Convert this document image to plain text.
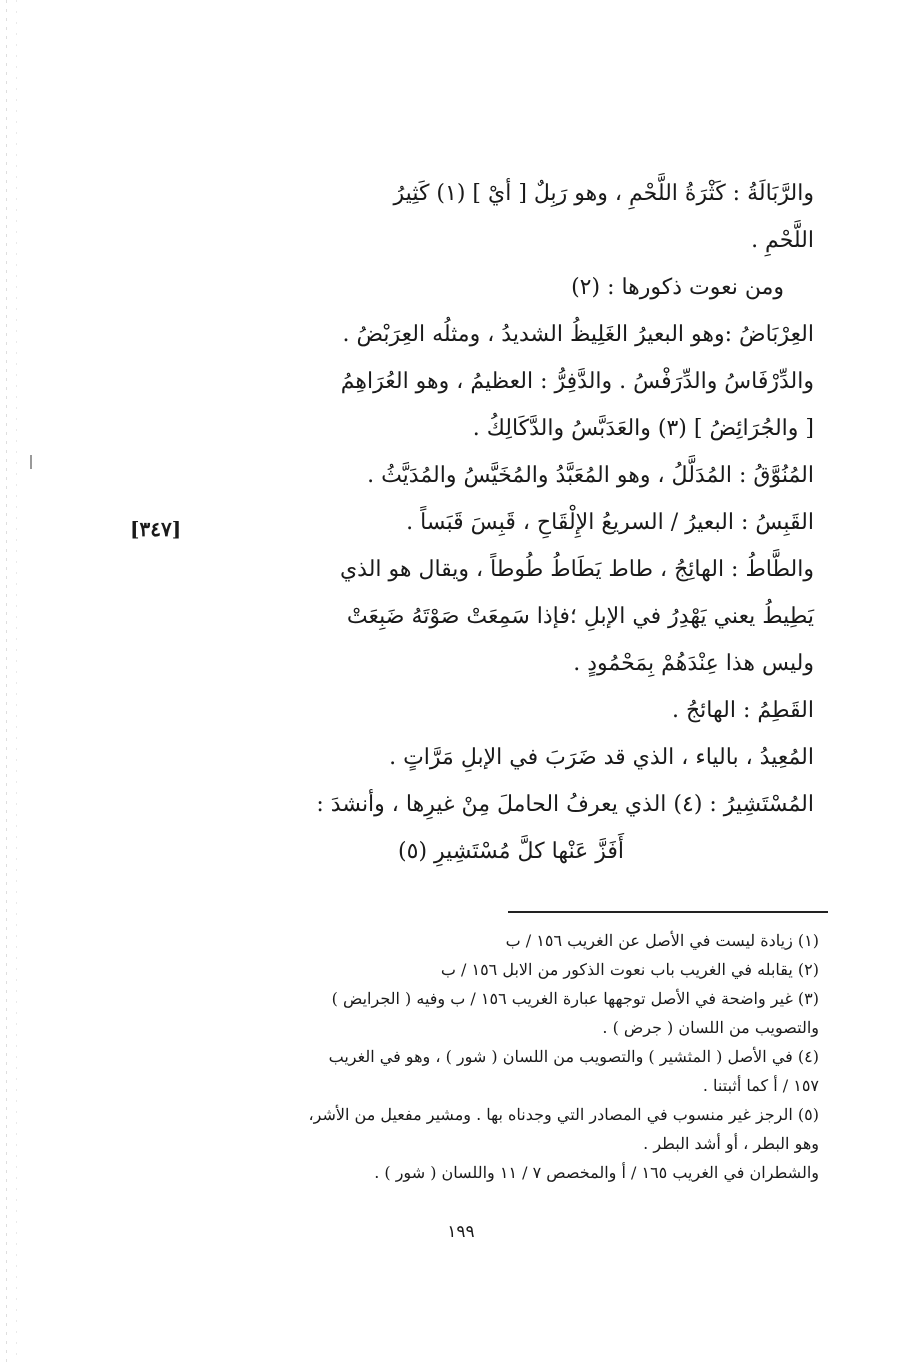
[٣٤٧]
والرَّبَالَةُ : كَثْرَةُ اللَّحْمِ ، وهو رَبِلٌ [ أيْ ] (١) كَثِيرُ
اللَّحْمِ .
ومن نعوت ذكورها : (٢)
العِرْبَاضُ :وهو البعيرُ الغَلِيظُ الشديدُ ، ومثلُه العِرَبْضُ .
والدِّرْفَاسُ والدِّرَفْسُ . والدَّفِرُّ : العظيمُ ، وهو العُرَاهِمُ
[ والجُرَائِضُ ] (٣) والعَدَبَّسُ والدَّكَالِكُ .
المُنُوَّقُ : المُدَلَّلُ ، وهو المُعَبَّدُ والمُخَيَّسُ والمُدَيَّثُ .
القَبِسُ : البعيرُ / السريعُ الإِلْقَاحِ ، قَبِسَ قَبَساً .
والطَّاطُ : الهائِجُ ، طاط يَطَاطُ طُوطاً ، ويقال هو الذي
يَطِيطُ يعني يَهْدِرُ في الإبلِ ؛فإذا سَمِعَتْ صَوْتَهُ ضَبِعَتْ
وليس هذا عِنْدَهُمْ بِمَحْمُودٍ .
القَطِمُ : الهائجُ .
المُعِيدُ ، بالياء ، الذي قد ضَرَبَ في الإبلِ مَرَّاتٍ .
المُسْتَشِيرُ : (٤) الذي يعرفُ الحاملَ مِنْ غيرِها ، وأنشدَ :
أَفَزَّ عَنْها كلَّ مُسْتَشِيرِ (٥)
(١) زيادة ليست في الأصل عن الغريب ١٥٦ / ب
(٢) يقابله في الغريب باب نعوت الذكور من الابل ١٥٦ / ب
(٣) غير واضحة في الأصل توجهها عبارة الغريب ١٥٦ / ب وفيه ( الجرايض )
والتصويب من اللسان ( جرض ) .
(٤) في الأصل ( المثشير ) والتصويب من اللسان ( شور ) ، وهو في الغريب
١٥٧ / أ كما أثبتنا .
(٥) الرجز غير منسوب في المصادر التي وجدناه بها . ومشير مفعيل من الأشر،
وهو البطر ، أو أشد البطر .
والشطران في الغريب ١٦٥ / أ والمخصص ٧ / ١١ واللسان ( شور ) .
١٩٩
